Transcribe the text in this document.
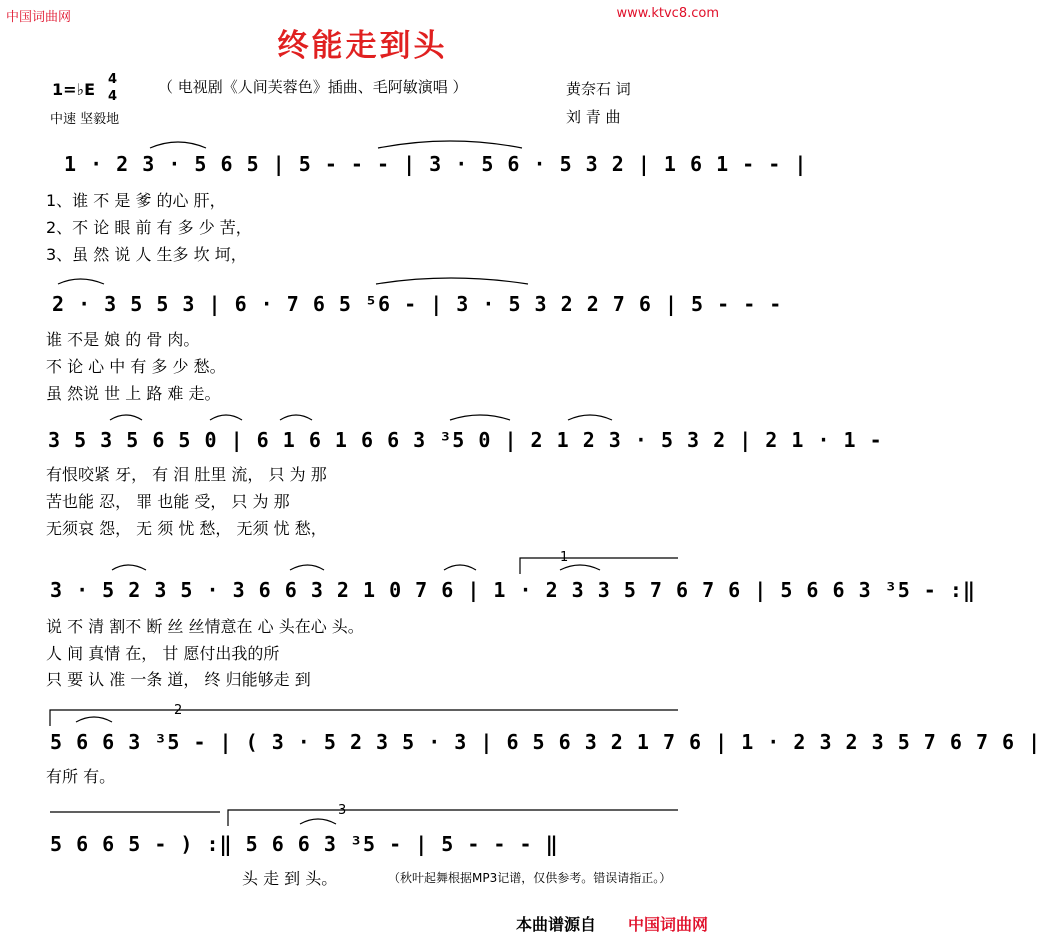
中国词曲网	www.ktvc8.com
终能走到头
1=♭E
4
4
（ 电视剧《人间芙蓉色》插曲、毛阿敏演唱 ）	黄奈石 词
中速 坚毅地	刘 青 曲
1 · 2 3 · 5 6 5 | 5 - - - | 3 · 5 6 · 5 3 2 | 1 6 1 - - |
1、谁 不 是 爹 的心 肝，
2、不 论 眼 前 有 多 少 苦，
3、虽 然 说 人 生多 坎 坷，
2 · 3 5 5 3 | 6 · 7 6 5 ⁵6 - | 3 · 5 3 2 2 7 6 | 5 - - -
谁 不是 娘 的 骨 肉。
不 论 心 中 有 多 少 愁。
虽 然说 世 上 路 难 走。
3 5 3 5 6 5 0 | 6 1 6 1 6 6 3 ³5 0 | 2 1 2 3 · 5 3 2 | 2 1 · 1 -
有恨咬紧 牙， 有 泪 肚里 流， 只 为 那
苦也能 忍， 罪 也能 受， 只 为 那
无须哀 怨， 无 须 忧 愁， 无须 忧 愁，
1
3 · 5 2 3 5 · 3 6 6 3 2 1 0 7 6 | 1 · 2 3 3 5 7 6 7 6 | 5 6 6 3 ³5 - :‖
说 不 清 割不 断 丝 丝情意在 心 头在心 头。
人 间 真情 在， 甘 愿付出我的所
只 要 认 准 一条 道， 终 归能够走 到
2
5 6 6 3 ³5 - | ( 3 · 5 2 3 5 · 3 | 6 5 6 3 2 1 7 6 | 1 · 2 3 2 3 5 7 6 7 6 |
有所 有。
3
5 6 6 5 - ) :‖ 5 6 6 3 ³5 - | 5 - - - ‖
头 走 到 头。	（秋叶起舞根据MP3记谱，仅供参考。错误请指正。）
本曲谱源自 中国词曲网
